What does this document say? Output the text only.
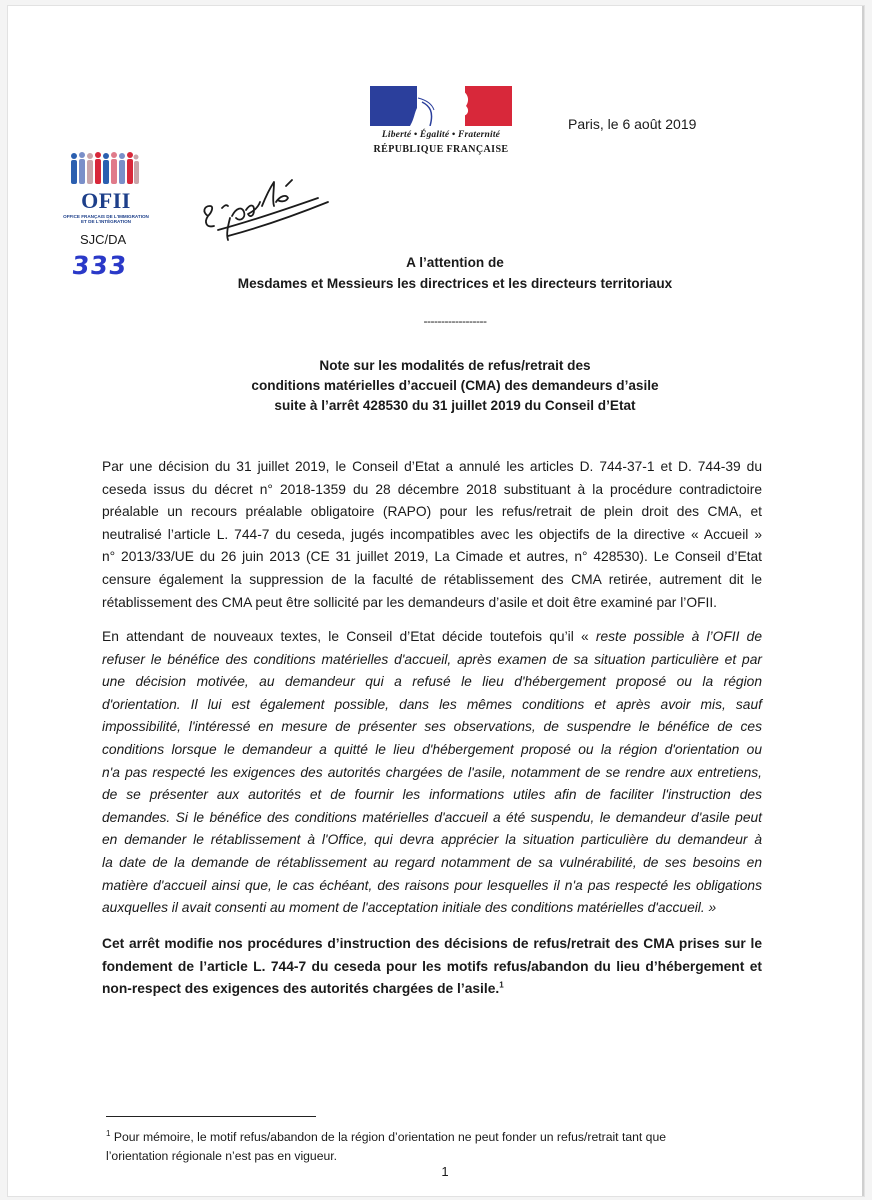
Liberté • Égalité • Fraternité
RÉPUBLIQUE FRANÇAISE
Paris, le 6 août 2019
OFII
OFFICE FRANÇAIS DE L'IMMIGRATION
ET DE L'INTÉGRATION
SJC/DA
333	A l’attention de
Mesdames et Messieurs les directrices et les directeurs territoriaux
------------------
Note sur les modalités de refus/retrait des
conditions matérielles d’accueil (CMA) des demandeurs d’asile
suite à l’arrêt 428530 du 31 juillet 2019 du Conseil d’Etat
Par une décision du 31 juillet 2019, le Conseil d’Etat a annulé les articles D. 744-37-1 et D. 744-39 du
ceseda issus du décret n° 2018-1359 du 28 décembre 2018 substituant à la procédure contradictoire
préalable un recours préalable obligatoire (RAPO) pour les refus/retrait de plein droit des CMA, et
neutralisé l’article L. 744-7 du ceseda, jugés incompatibles avec les objectifs de la directive « Accueil »
n° 2013/33/UE du 26 juin 2013 (CE 31 juillet 2019, La Cimade et autres, n° 428530). Le Conseil d’Etat
censure également la suppression de la faculté de rétablissement des CMA retirée, autrement dit le
rétablissement des CMA peut être sollicité par les demandeurs d’asile et doit être examiné par l’OFII.
En attendant de nouveaux textes, le Conseil d’Etat décide toutefois qu’il « reste possible à l’OFII de
refuser le bénéfice des conditions matérielles d'accueil, après examen de sa situation particulière et par
une décision motivée, au demandeur qui a refusé le lieu d'hébergement proposé ou la région
d'orientation. Il lui est également possible, dans les mêmes conditions et après avoir mis, sauf
impossibilité, l'intéressé en mesure de présenter ses observations, de suspendre le bénéfice de ces
conditions lorsque le demandeur a quitté le lieu d'hébergement proposé ou la région d'orientation ou
n'a pas respecté les exigences des autorités chargées de l'asile, notamment de se rendre aux entretiens,
de se présenter aux autorités et de fournir les informations utiles afin de faciliter l'instruction des
demandes. Si le bénéfice des conditions matérielles d'accueil a été suspendu, le demandeur d'asile peut
en demander le rétablissement à l'Office, qui devra apprécier la situation particulière du demandeur à
la date de la demande de rétablissement au regard notamment de sa vulnérabilité, de ses besoins en
matière d'accueil ainsi que, le cas échéant, des raisons pour lesquelles il n'a pas respecté les obligations
auxquelles il avait consenti au moment de l'acceptation initiale des conditions matérielles d'accueil. »
Cet arrêt modifie nos procédures d’instruction des décisions de refus/retrait des CMA prises sur le
fondement de l’article L. 744-7 du ceseda pour les motifs refus/abandon du lieu d’hébergement et
non-respect des exigences des autorités chargées de l’asile.$^1$
$^1$ Pour mémoire, le motif refus/abandon de la région d’orientation ne peut fonder un refus/retrait tant que
l’orientation régionale n’est pas en vigueur.
1
